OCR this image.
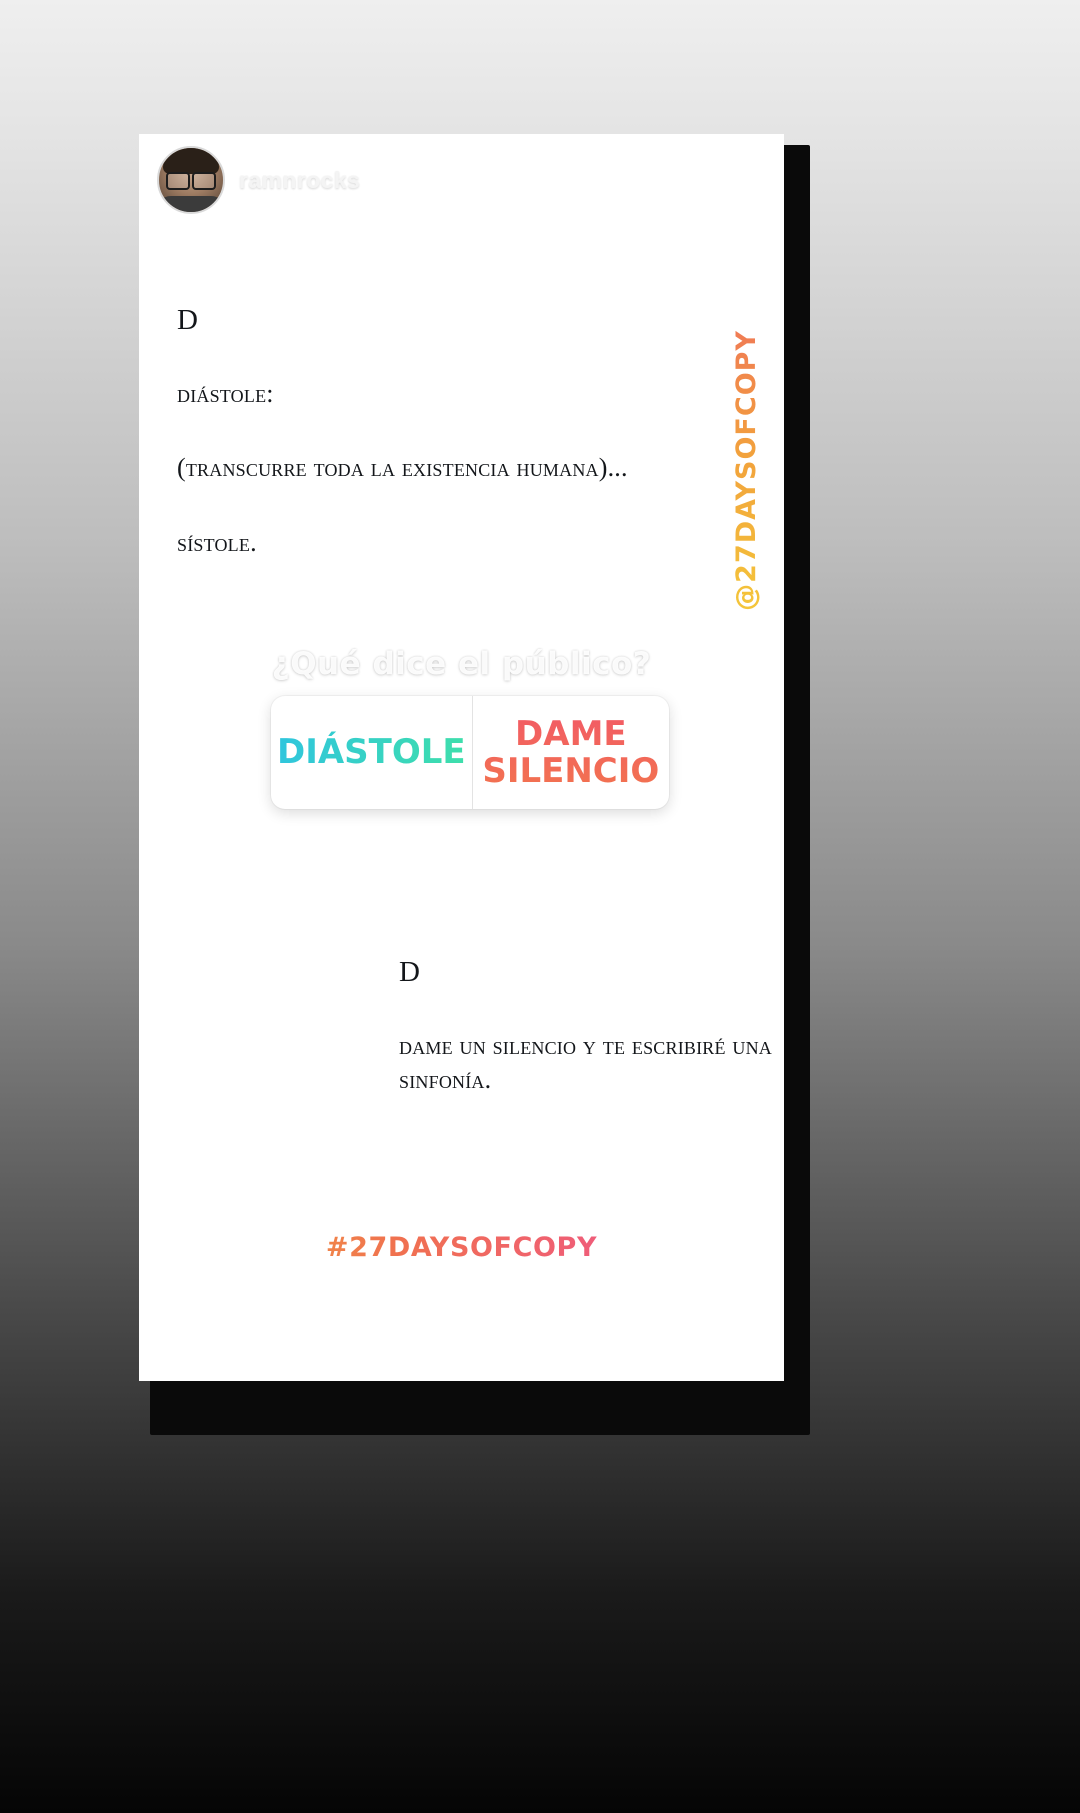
ramnrocks
@27DAYSOFCOPY
D
diástole:
(transcurre toda la existencia humana)...
sístole.
¿Qué dice el público?
DIÁSTOLE	DAME SILENCIO
D
dame un silencio y te escribiré una sinfonía.
#27DAYSOFCOPY
